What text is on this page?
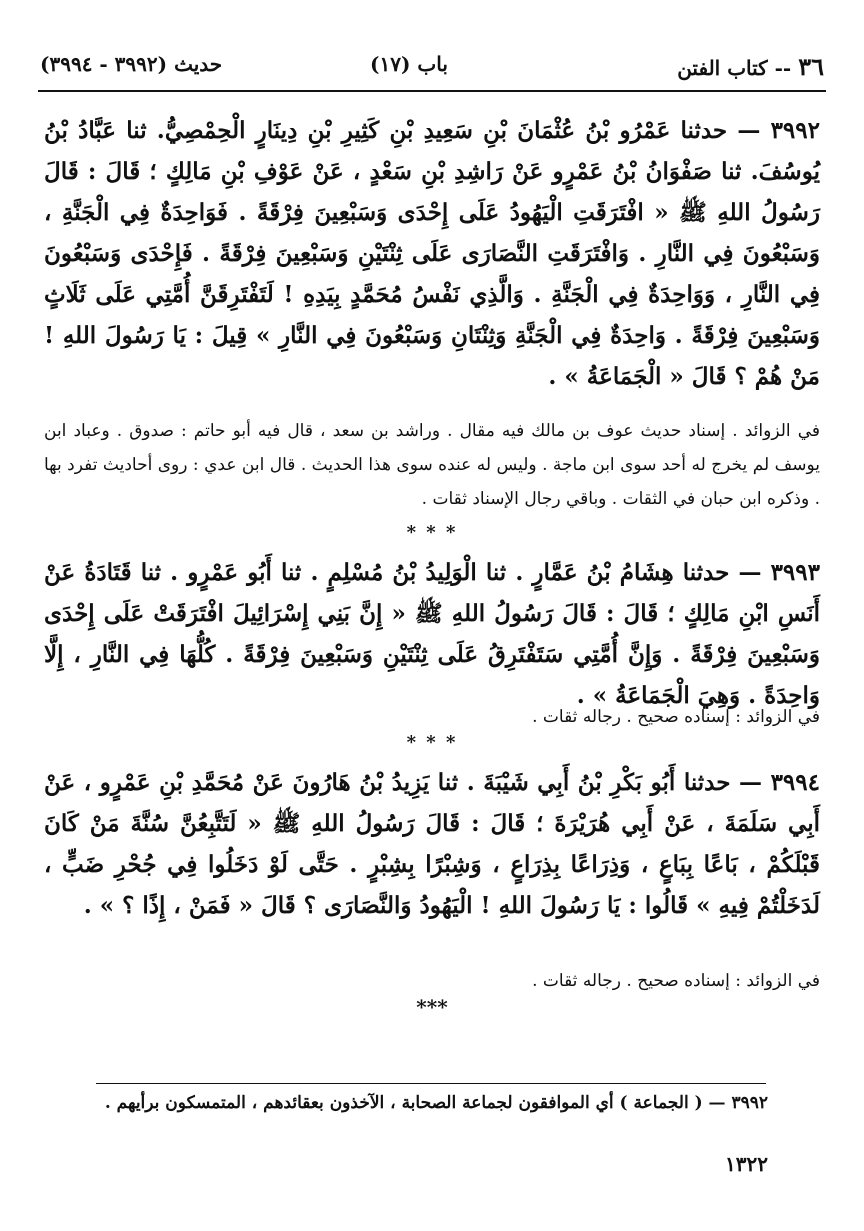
٣٦ -- كتاب الفتن
(١٧) باب
(٣٩٩٢ - ٣٩٩٤) حديث
٣٩٩٢ — حدثنا عَمْرُو بْنُ عُثْمَانَ بْنِ سَعِيدِ بْنِ كَثِيرِ بْنِ دِينَارٍ الْحِمْصِيُّ. ثنا عَبَّادُ بْنُ يُوسُفَ. ثنا صَفْوَانُ بْنُ عَمْرٍو عَنْ رَاشِدِ بْنِ سَعْدٍ ، عَنْ عَوْفِ بْنِ مَالِكٍ ؛ قَالَ : قَالَ رَسُولُ اللهِ ﷺ « افْتَرَقَتِ الْيَهُودُ عَلَى إِحْدَى وَسَبْعِينَ فِرْقَةً . فَوَاحِدَةٌ فِي الْجَنَّةِ ، وَسَبْعُونَ فِي النَّارِ . وَافْتَرَقَتِ النَّصَارَى عَلَى ثِنْتَيْنِ وَسَبْعِينَ فِرْقَةً . فَإِحْدَى وَسَبْعُونَ فِي النَّارِ ، وَوَاحِدَةٌ فِي الْجَنَّةِ . وَالَّذِي نَفْسُ مُحَمَّدٍ بِيَدِهِ ! لَتَفْتَرِقَنَّ أُمَّتِي عَلَى ثَلَاثٍ وَسَبْعِينَ فِرْقَةً . وَاحِدَةٌ فِي الْجَنَّةِ وَثِنْتَانِ وَسَبْعُونَ فِي النَّارِ » قِيلَ : يَا رَسُولَ اللهِ ! مَنْ هُمْ ؟ قَالَ « الْجَمَاعَةُ » .
في الزوائد . إسناد حديث عوف بن مالك فيه مقال . وراشد بن سعد ، قال فيه أبو حاتم : صدوق . وعباد ابن يوسف لم يخرج له أحد سوى ابن ماجة . وليس له عنده سوى هذا الحديث . قال ابن عدي : روى أحاديث تفرد بها . وذكره ابن حبان في الثقات . وباقي رجال الإسناد ثقات .
* * *
٣٩٩٣ — حدثنا هِشَامُ بْنُ عَمَّارٍ . ثنا الْوَلِيدُ بْنُ مُسْلِمٍ . ثنا أَبُو عَمْرٍو . ثنا قَتَادَةُ عَنْ أَنَسِ ابْنِ مَالِكٍ ؛ قَالَ : قَالَ رَسُولُ اللهِ ﷺ « إِنَّ بَنِي إِسْرَائِيلَ افْتَرَقَتْ عَلَى إِحْدَى وَسَبْعِينَ فِرْقَةً . وَإِنَّ أُمَّتِي سَتَفْتَرِقُ عَلَى ثِنْتَيْنِ وَسَبْعِينَ فِرْقَةً . كُلُّهَا فِي النَّارِ ، إِلَّا وَاحِدَةً . وَهِيَ الْجَمَاعَةُ » .
في الزوائد : إسناده صحيح . رجاله ثقات .
* * *
٣٩٩٤ — حدثنا أَبُو بَكْرِ بْنُ أَبِي شَيْبَةَ . ثنا يَزِيدُ بْنُ هَارُونَ عَنْ مُحَمَّدِ بْنِ عَمْرٍو ، عَنْ أَبِي سَلَمَةَ ، عَنْ أَبِي هُرَيْرَةَ ؛ قَالَ : قَالَ رَسُولُ اللهِ ﷺ « لَتَتَّبِعُنَّ سُنَّةَ مَنْ كَانَ قَبْلَكُمْ ، بَاعًا بِبَاعٍ ، وَذِرَاعًا بِذِرَاعٍ ، وَشِبْرًا بِشِبْرٍ . حَتَّى لَوْ دَخَلُوا فِي جُحْرِ ضَبٍّ ، لَدَخَلْتُمْ فِيهِ » قَالُوا : يَا رَسُولَ اللهِ ! الْيَهُودُ وَالنَّصَارَى ؟ قَالَ « فَمَنْ ، إِذًا ؟ » .
في الزوائد : إسناده صحيح . رجاله ثقات .
***
٣٩٩٢ — ( الجماعة ) أي الموافقون لجماعة الصحابة ، الآخذون بعقائدهم ، المتمسكون برأيهم .
١٣٢٢
